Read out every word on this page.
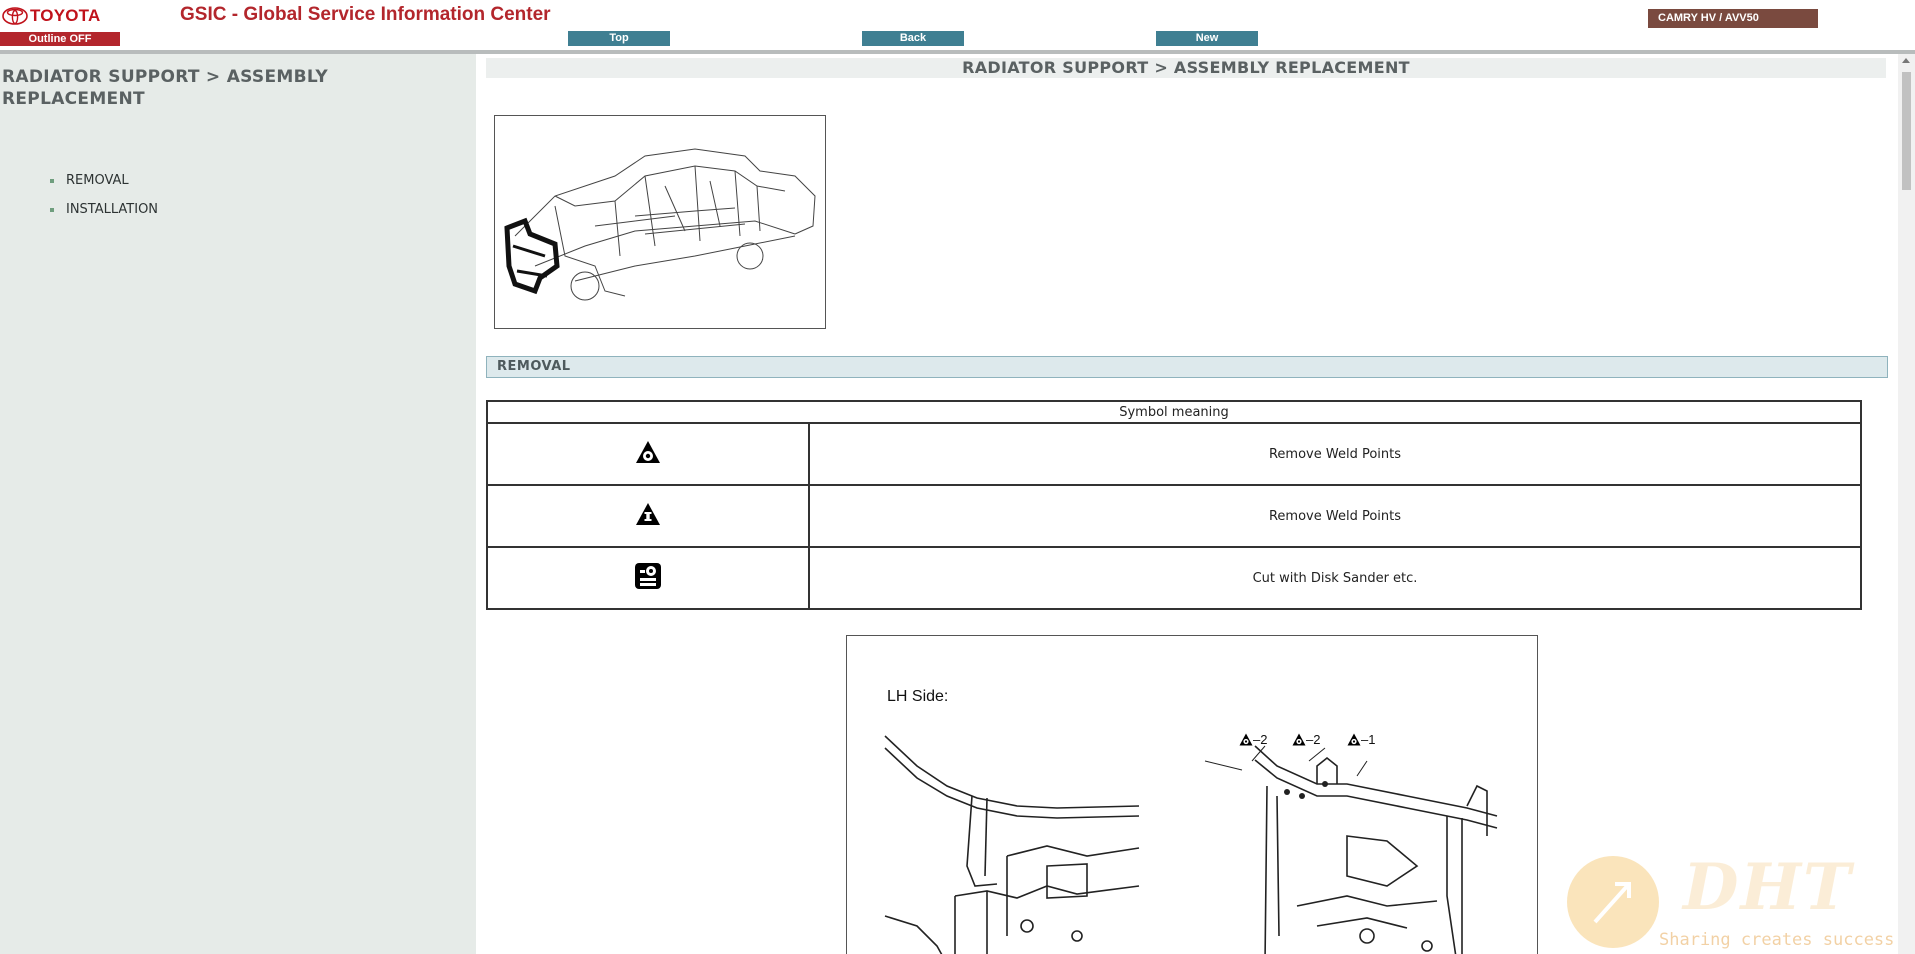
TOYOTA	GSIC - Global Service Information Center
Outline OFF	Top	Back	New
CAMRY HV / AVV50
RADIATOR SUPPORT > ASSEMBLY REPLACEMENT
REMOVAL
INSTALLATION
RADIATOR SUPPORT > ASSEMBLY REPLACEMENT
REMOVAL
Symbol meaning	
	Remove Weld Points
	Remove Weld Points
	Cut with Disk Sander etc.
LH Side:
–2	–2	–1
DHT
Sharing creates success
